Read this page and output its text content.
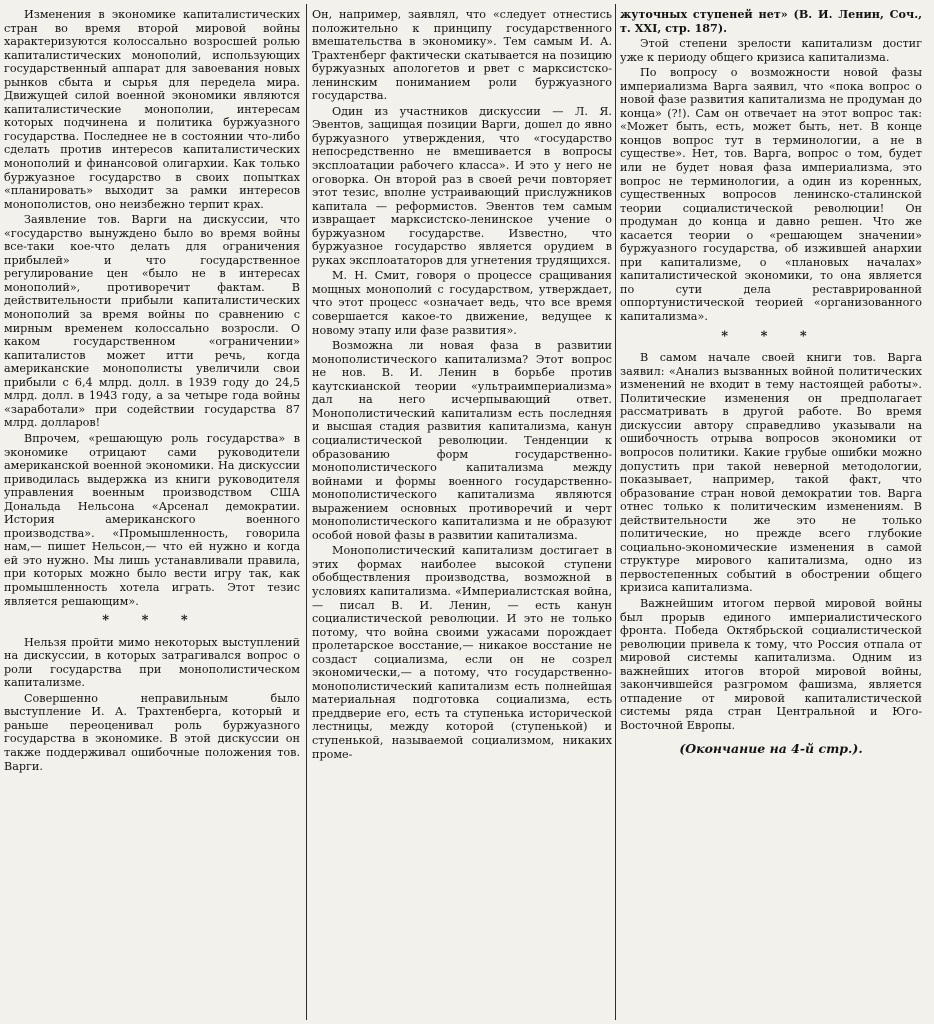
Изменения в экономике капиталистических стран во время второй мировой войны характеризуются колоссально возросшей ролью капиталистических монополий, использующих государственный аппарат для завоевания новых рынков сбыта и сырья для передела мира. Движущей силой военной экономики являются капиталистические монополии, интересам которых подчинена и политика буржуазного государства. Последнее не в состоянии что-либо сделать против интересов капиталистических монополий и финансовой олигархии. Как только буржуазное государство в своих попытках «планировать» выходит за рамки интересов монополистов, оно неизбежно терпит крах.

Заявление тов. Варги на дискуссии, что «государство вынуждено было во время войны все-таки кое-что делать для ограничения прибылей» и что государственное регулирование цен «было не в интересах монополий», противоречит фактам. В действительности прибыли капиталистических монополий за время войны по сравнению с мирным временем колоссально возросли. О каком государственном «ограничении» капиталистов может итти речь, когда американские монополисты увеличили свои прибыли с 6,4 млрд. долл. в 1939 году до 24,5 млрд. долл. в 1943 году, а за четыре года войны «заработали» при содействии государства 87 млрд. долларов!

Впрочем, «решающую роль государства» в экономике отрицают сами руководители американской военной экономики. На дискуссии приводилась выдержка из книги руководителя управления военным производством США Дональда Нельсона «Арсенал демократии. История американского военного производства». «Промышленность, говорила нам,— пишет Нельсон,— что ей нужно и когда ей это нужно. Мы лишь устанавливали правила, при которых можно было вести игру так, как промышленность хотела играть. Этот тезис является решающим».

* * *

Нельзя пройти мимо некоторых выступлений на дискуссии, в которых затрагивался вопрос о роли государства при монополистическом капитализме.

Совершенно неправильным было выступление И. А. Трахтенберга, который и раньше переоценивал роль буржуазного государства в экономике. В этой дискуссии он также поддерживал ошибочные положения тов. Варги.

Он, например, заявлял, что «следует отнестись положительно к принципу государственного вмешательства в экономику». Тем самым И. А. Трахтенберг фактически скатывается на позицию буржуазных апологетов и рвет с марксистско-ленинским пониманием роли буржуазного государства.

Один из участников дискуссии — Л. Я. Эвентов, защищая позиции Варги, дошел до явно буржуазного утверждения, что «государство непосредственно не вмешивается в вопросы эксплоатации рабочего класса». И это у него не оговорка. Он второй раз в своей речи повторяет этот тезис, вполне устраивающий прислужников капитала — реформистов. Эвентов тем самым извращает марксистско-ленинское учение о буржуазном государстве. Известно, что буржуазное государство является орудием в руках эксплоататоров для угнетения трудящихся.

М. Н. Смит, говоря о процессе сращивания мощных монополий с государством, утверждает, что этот процесс «означает ведь, что все время совершается какое-то движение, ведущее к новому этапу или фазе развития».

Возможна ли новая фаза в развитии монополистического капитализма? Этот вопрос не нов. В. И. Ленин в борьбе против каутскианской теории «ультраимпериализма» дал на него исчерпывающий ответ. Монополистический капитализм есть последняя и высшая стадия развития капитализма, канун социалистической революции. Тенденции к образованию форм государственно-монополистического капитализма между войнами и формы военного государственно-монополистического капитализма являются выражением основных противоречий и черт монополистического капитализма и не образуют особой новой фазы в развитии капитализма.

Монополистический капитализм достигает в этих формах наиболее высокой ступени обобществления производства, возможной в условиях капитализма. «Империалистская война, — писал В. И. Ленин, — есть канун социалистической революции. И это не только потому, что война своими ужасами порождает пролетарское восстание,— никакое восстание не создаст социализма, если он не созрел экономически,— а потому, что государственно-монополистический капитализм есть полнейшая материальная подготовка социализма, есть преддверие его, есть та ступенька исторической лестницы, между которой (ступенькой) и ступенькой, называемой социализмом, никаких проме-

жуточных ступеней нет» (В. И. Ленин, Соч., т. XXI, стр. 187).

Этой степени зрелости капитализм достиг уже к периоду общего кризиса капитализма.

По вопросу о возможности новой фазы империализма Варга заявил, что «пока вопрос о новой фазе развития капитализма не продуман до конца» (?!). Сам он отвечает на этот вопрос так: «Может быть, есть, может быть, нет. В конце концов вопрос тут в терминологии, а не в существе». Нет, тов. Варга, вопрос о том, будет или не будет новая фаза империализма, это вопрос не терминологии, а один из коренных, существенных вопросов ленинско-сталинской теории социалистической революции! Он продуман до конца и давно решен. Что же касается теории о «решающем значении» буржуазного государства, об изжившей анархии при капитализме, о «плановых началах» капиталистической экономики, то она является по сути дела реставрированной оппортунистической теорией «организованного капитализма».

* * *

В самом начале своей книги тов. Варга заявил: «Анализ вызванных войной политических изменений не входит в тему настоящей работы». Политические изменения он предполагает рассматривать в другой работе. Во время дискуссии автору справедливо указывали на ошибочность отрыва вопросов экономики от вопросов политики. Какие грубые ошибки можно допустить при такой неверной методологии, показывает, например, такой факт, что образование стран новой демократии тов. Варга отнес только к политическим изменениям. В действительности же это не только политические, но прежде всего глубокие социально-экономические изменения в самой структуре мирового капитализма, одно из первостепенных событий в обострении общего кризиса капитализма.

Важнейшим итогом первой мировой войны был прорыв единого империалистического фронта. Победа Октябрьской социалистической революции привела к тому, что Россия отпала от мировой системы капитализма. Одним из важнейших итогов второй мировой войны, закончившейся разгромом фашизма, является отпадение от мировой капиталистической системы ряда стран Центральной и Юго-Восточной Европы.

(Окончание на 4-й стр.).
